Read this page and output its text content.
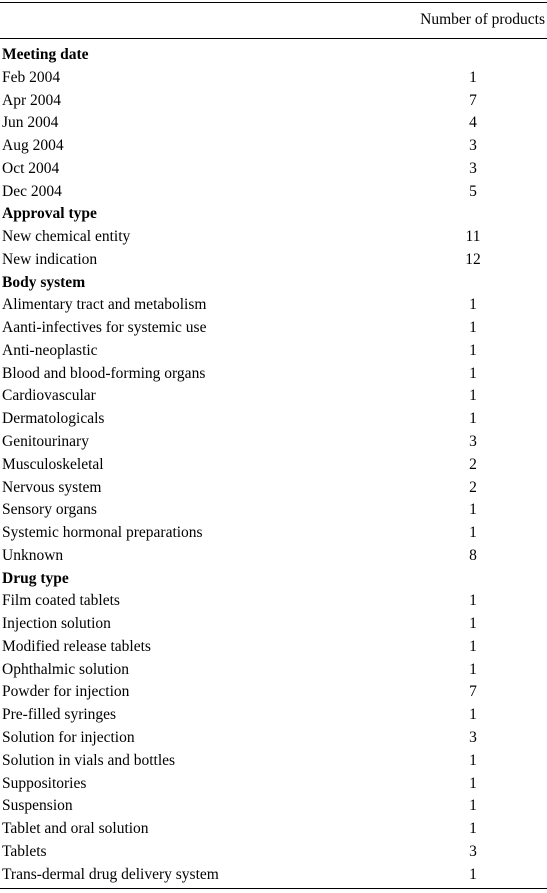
Number of products
Meeting date
Feb 2004	1
Apr 2004	7
Jun 2004	4
Aug 2004	3
Oct 2004	3
Dec 2004	5
Approval type
New chemical entity	11
New indication	12
Body system
Alimentary tract and metabolism	1
Aanti-infectives for systemic use	1
Anti-neoplastic	1
Blood and blood-forming organs	1
Cardiovascular	1
Dermatologicals	1
Genitourinary	3
Musculoskeletal	2
Nervous system	2
Sensory organs	1
Systemic hormonal preparations	1
Unknown	8
Drug type
Film coated tablets	1
Injection solution	1
Modified release tablets	1
Ophthalmic solution	1
Powder for injection	7
Pre-filled syringes	1
Solution for injection	3
Solution in vials and bottles	1
Suppositories	1
Suspension	1
Tablet and oral solution	1
Tablets	3
Trans-dermal drug delivery system	1
